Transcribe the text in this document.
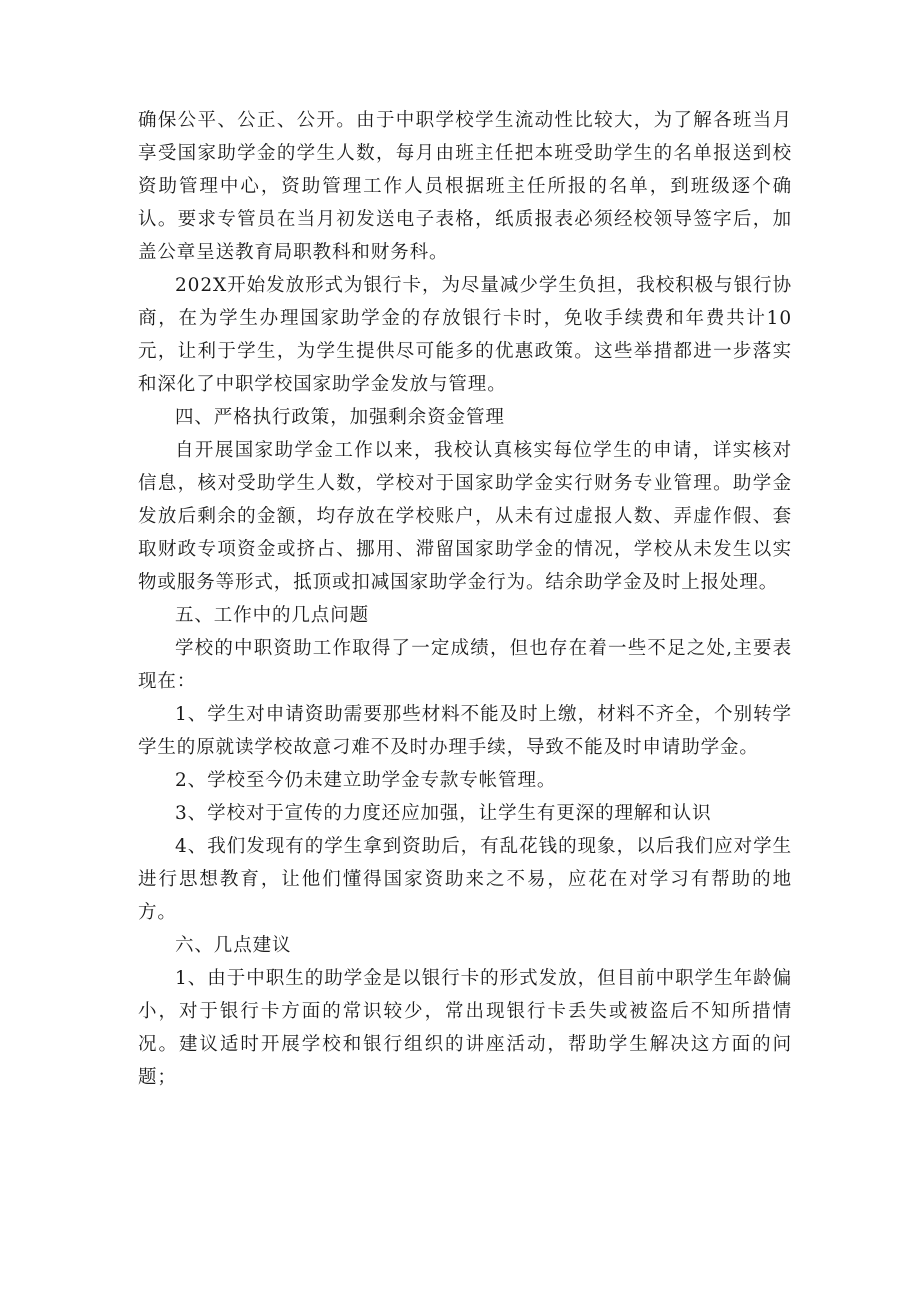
确保公平、公正、公开。由于中职学校学生流动性比较大，为了解各班当月享受国家助学金的学生人数，每月由班主任把本班受助学生的名单报送到校资助管理中心，资助管理工作人员根据班主任所报的名单，到班级逐个确认。要求专管员在当月初发送电子表格，纸质报表必须经校领导签字后，加盖公章呈送教育局职教科和财务科。

202X开始发放形式为银行卡，为尽量减少学生负担，我校积极与银行协商，在为学生办理国家助学金的存放银行卡时，免收手续费和年费共计10元，让利于学生，为学生提供尽可能多的优惠政策。这些举措都进一步落实和深化了中职学校国家助学金发放与管理。

四、严格执行政策，加强剩余资金管理

自开展国家助学金工作以来，我校认真核实每位学生的申请，详实核对信息，核对受助学生人数，学校对于国家助学金实行财务专业管理。助学金发放后剩余的金额，均存放在学校账户，从未有过虚报人数、弄虚作假、套取财政专项资金或挤占、挪用、滞留国家助学金的情况，学校从未发生以实物或服务等形式，抵顶或扣减国家助学金行为。结余助学金及时上报处理。

五、工作中的几点问题

学校的中职资助工作取得了一定成绩，但也存在着一些不足之处,主要表现在：

1、学生对申请资助需要那些材料不能及时上缴，材料不齐全，个别转学学生的原就读学校故意刁难不及时办理手续，导致不能及时申请助学金。

2、学校至今仍未建立助学金专款专帐管理。

3、学校对于宣传的力度还应加强，让学生有更深的理解和认识

4、我们发现有的学生拿到资助后，有乱花钱的现象，以后我们应对学生进行思想教育，让他们懂得国家资助来之不易，应花在对学习有帮助的地方。

六、几点建议

1、由于中职生的助学金是以银行卡的形式发放，但目前中职学生年龄偏小，对于银行卡方面的常识较少，常出现银行卡丢失或被盗后不知所措情况。建议适时开展学校和银行组织的讲座活动，帮助学生解决这方面的问题；
